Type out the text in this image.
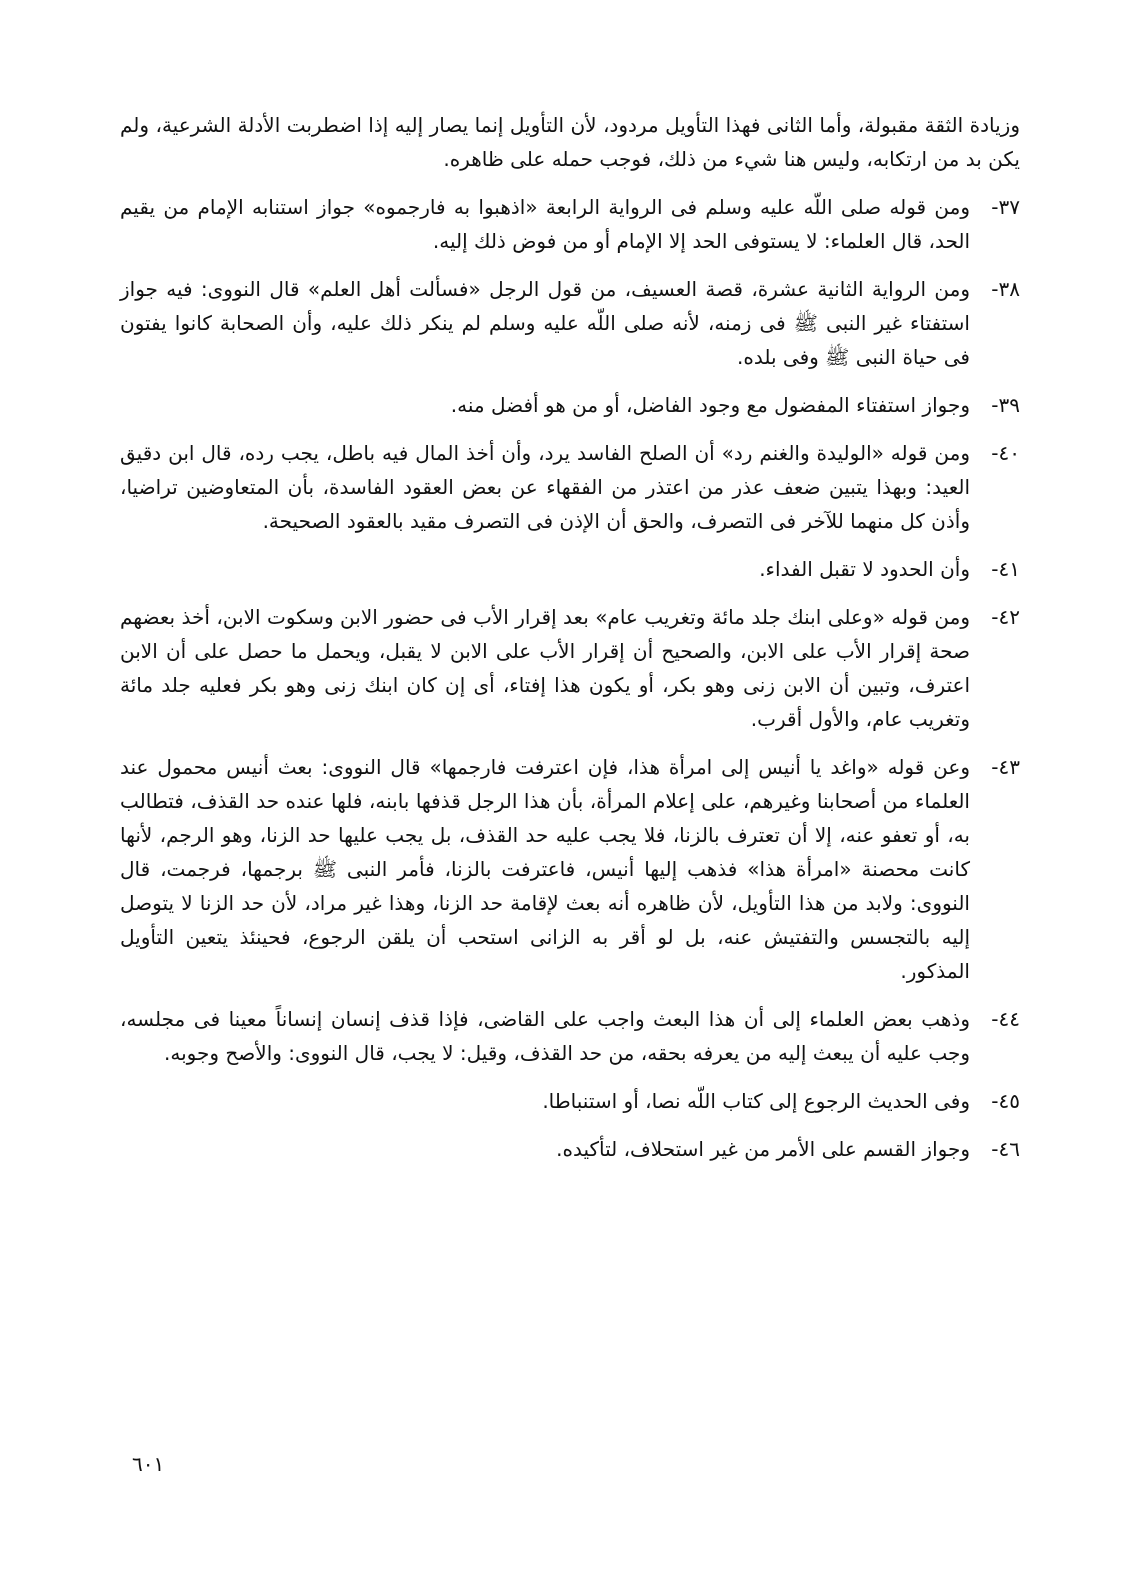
وزيادة الثقة مقبولة، وأما الثانى فهذا التأويل مردود، لأن التأويل إنما يصار إليه إذا اضطربت الأدلة الشرعية، ولم يكن بد من ارتكابه، وليس هنا شيء من ذلك، فوجب حمله على ظاهره.

٣٧-
ومن قوله صلى اللّه عليه وسلم فى الرواية الرابعة «اذهبوا به فارجموه» جواز استنابه الإمام من يقيم الحد، قال العلماء: لا يستوفى الحد إلا الإمام أو من فوض ذلك إليه.
٣٨-
ومن الرواية الثانية عشرة، قصة العسيف، من قول الرجل «فسألت أهل العلم» قال النووى: فيه جواز استفتاء غير النبى ﷺ فى زمنه، لأنه صلى اللّه عليه وسلم لم ينكر ذلك عليه، وأن الصحابة كانوا يفتون فى حياة النبى ﷺ وفى بلده.
٣٩-
وجواز استفتاء المفضول مع وجود الفاضل، أو من هو أفضل منه.
٤٠-
ومن قوله «الوليدة والغنم رد» أن الصلح الفاسد يرد، وأن أخذ المال فيه باطل، يجب رده، قال ابن دقيق العيد: وبهذا يتبين ضعف عذر من اعتذر من الفقهاء عن بعض العقود الفاسدة، بأن المتعاوضين تراضيا، وأذن كل منهما للآخر فى التصرف، والحق أن الإذن فى التصرف مقيد بالعقود الصحيحة.
٤١-
وأن الحدود لا تقبل الفداء.
٤٢-
ومن قوله «وعلى ابنك جلد مائة وتغريب عام» بعد إقرار الأب فى حضور الابن وسكوت الابن، أخذ بعضهم صحة إقرار الأب على الابن، والصحيح أن إقرار الأب على الابن لا يقبل، ويحمل ما حصل على أن الابن اعترف، وتبين أن الابن زنى وهو بكر، أو يكون هذا إفتاء، أى إن كان ابنك زنى وهو بكر فعليه جلد مائة وتغريب عام، والأول أقرب.
٤٣-
وعن قوله «واغد يا أنيس إلى امرأة هذا، فإن اعترفت فارجمها» قال النووى: بعث أنيس محمول عند العلماء من أصحابنا وغيرهم، على إعلام المرأة، بأن هذا الرجل قذفها بابنه، فلها عنده حد القذف، فتطالب به، أو تعفو عنه، إلا أن تعترف بالزنا، فلا يجب عليه حد القذف، بل يجب عليها حد الزنا، وهو الرجم، لأنها كانت محصنة «امرأة هذا» فذهب إليها أنيس، فاعترفت بالزنا، فأمر النبى ﷺ برجمها، فرجمت، قال النووى: ولابد من هذا التأويل، لأن ظاهره أنه بعث لإقامة حد الزنا، وهذا غير مراد، لأن حد الزنا لا يتوصل إليه بالتجسس والتفتيش عنه، بل لو أقر به الزانى استحب أن يلقن الرجوع، فحينئذ يتعين التأويل المذكور.
٤٤-
وذهب بعض العلماء إلى أن هذا البعث واجب على القاضى، فإذا قذف إنسان إنساناً معينا فى مجلسه، وجب عليه أن يبعث إليه من يعرفه بحقه، من حد القذف، وقيل: لا يجب، قال النووى: والأصح وجوبه.
٤٥-
وفى الحديث الرجوع إلى كتاب اللّه نصا، أو استنباطا.
٤٦-
وجواز القسم على الأمر من غير استحلاف، لتأكيده.
٦٠١
